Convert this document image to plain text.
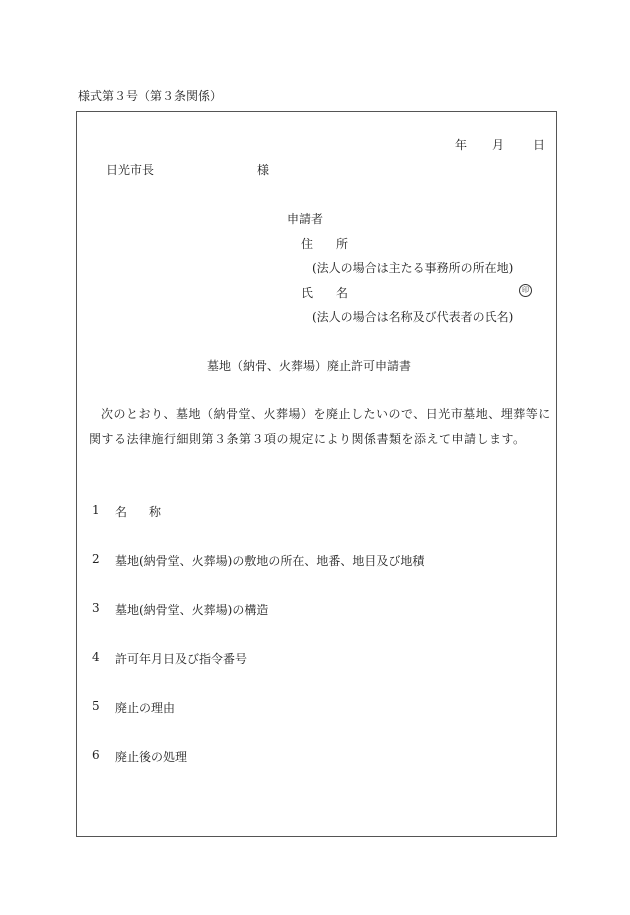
様式第３号（第３条関係）
年 月 日
日光市長	様
申請者
住 所
(法人の場合は主たる事務所の所在地)
氏 名	印
(法人の場合は名称及び代表者の氏名)
墓地（納骨、火葬場）廃止許可申請書
次のとおり、墓地（納骨堂、火葬場）を廃止したいので、日光市墓地、埋葬等に関する法律施行細則第３条第３項の規定により関係書類を添えて申請します。
1 名称
2 墓地(納骨堂、火葬場)の敷地の所在、地番、地目及び地積
3 墓地(納骨堂、火葬場)の構造
4 許可年月日及び指令番号
5 廃止の理由
6 廃止後の処理
